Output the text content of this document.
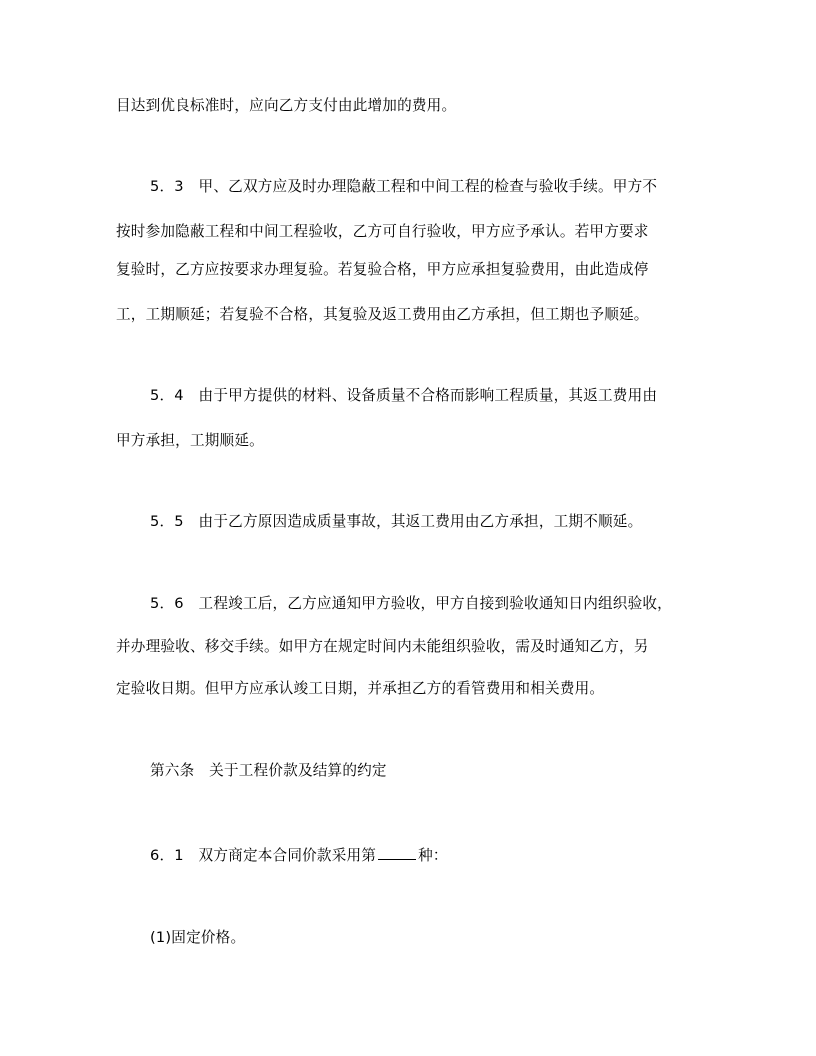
目达到优良标准时，应向乙方支付由此增加的费用。
5．3　甲、乙双方应及时办理隐蔽工程和中间工程的检查与验收手续。甲方不
按时参加隐蔽工程和中间工程验收，乙方可自行验收，甲方应予承认。若甲方要求
复验时，乙方应按要求办理复验。若复验合格，甲方应承担复验费用，由此造成停
工，工期顺延；若复验不合格，其复验及返工费用由乙方承担，但工期也予顺延。
5．4　由于甲方提供的材料、设备质量不合格而影响工程质量，其返工费用由
甲方承担，工期顺延。
5．5　由于乙方原因造成质量事故，其返工费用由乙方承担，工期不顺延。
5．6　工程竣工后，乙方应通知甲方验收，甲方自接到验收通知日内组织验收，
并办理验收、移交手续。如甲方在规定时间内未能组织验收，需及时通知乙方，另
定验收日期。但甲方应承认竣工日期，并承担乙方的看管费用和相关费用。
第六条　关于工程价款及结算的约定
6．1　双方商定本合同价款采用第	种：
(1)固定价格。
